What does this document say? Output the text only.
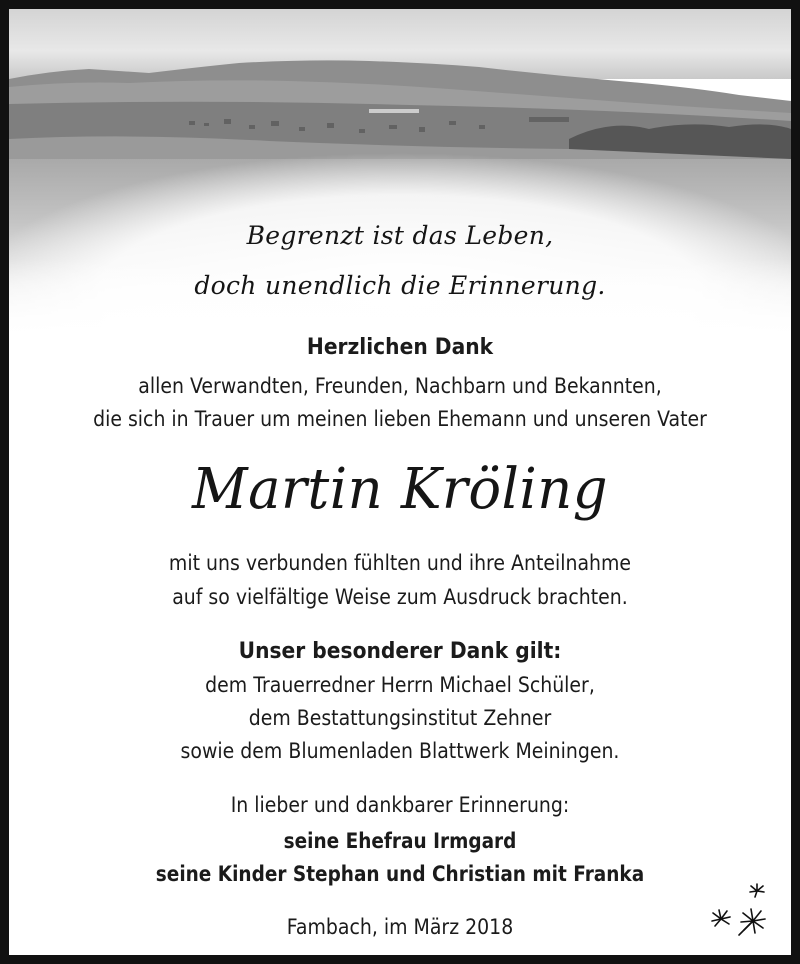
Begrenzt ist das Leben,
doch unendlich die Erinnerung.
Herzlichen Dank
allen Verwandten, Freunden, Nachbarn und Bekannten,
die sich in Trauer um meinen lieben Ehemann und unseren Vater
Martin Kröling
mit uns verbunden fühlten und ihre Anteilnahme
auf so vielfältige Weise zum Ausdruck brachten.
Unser besonderer Dank gilt:
dem Trauerredner Herrn Michael Schüler,
dem Bestattungsinstitut Zehner
sowie dem Blumenladen Blattwerk Meiningen.
In lieber und dankbarer Erinnerung:
seine Ehefrau Irmgard
seine Kinder Stephan und Christian mit Franka
Fambach, im März 2018
